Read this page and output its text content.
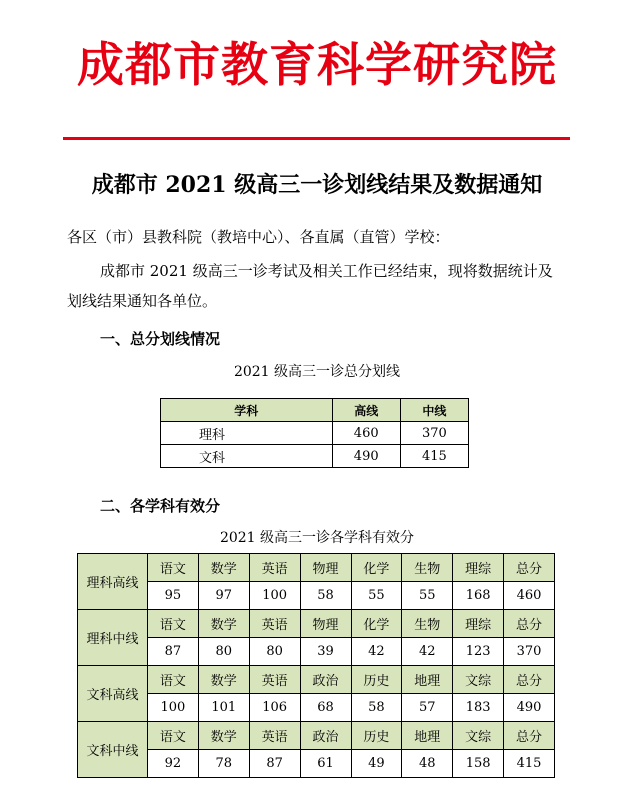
成都市教育科学研究院
成都市 2021 级高三一诊划线结果及数据通知
各区（市）县教科院（教培中心）、各直属（直管）学校：
成都市 2021 级高三一诊考试及相关工作已经结束，现将数据统计及
划线结果通知各单位。
一、总分划线情况
2021 级高三一诊总分划线
学科	高线	中线
理科	460	370
文科	490	415
二、各学科有效分
2021 级高三一诊各学科有效分
理科高线	语文	数学	英语	物理	化学	生物	理综	总分
	95	97	100	58	55	55	168	460
理科中线	语文	数学	英语	物理	化学	生物	理综	总分
	87	80	80	39	42	42	123	370
文科高线	语文	数学	英语	政治	历史	地理	文综	总分
	100	101	106	68	58	57	183	490
文科中线	语文	数学	英语	政治	历史	地理	文综	总分
	92	78	87	61	49	48	158	415
